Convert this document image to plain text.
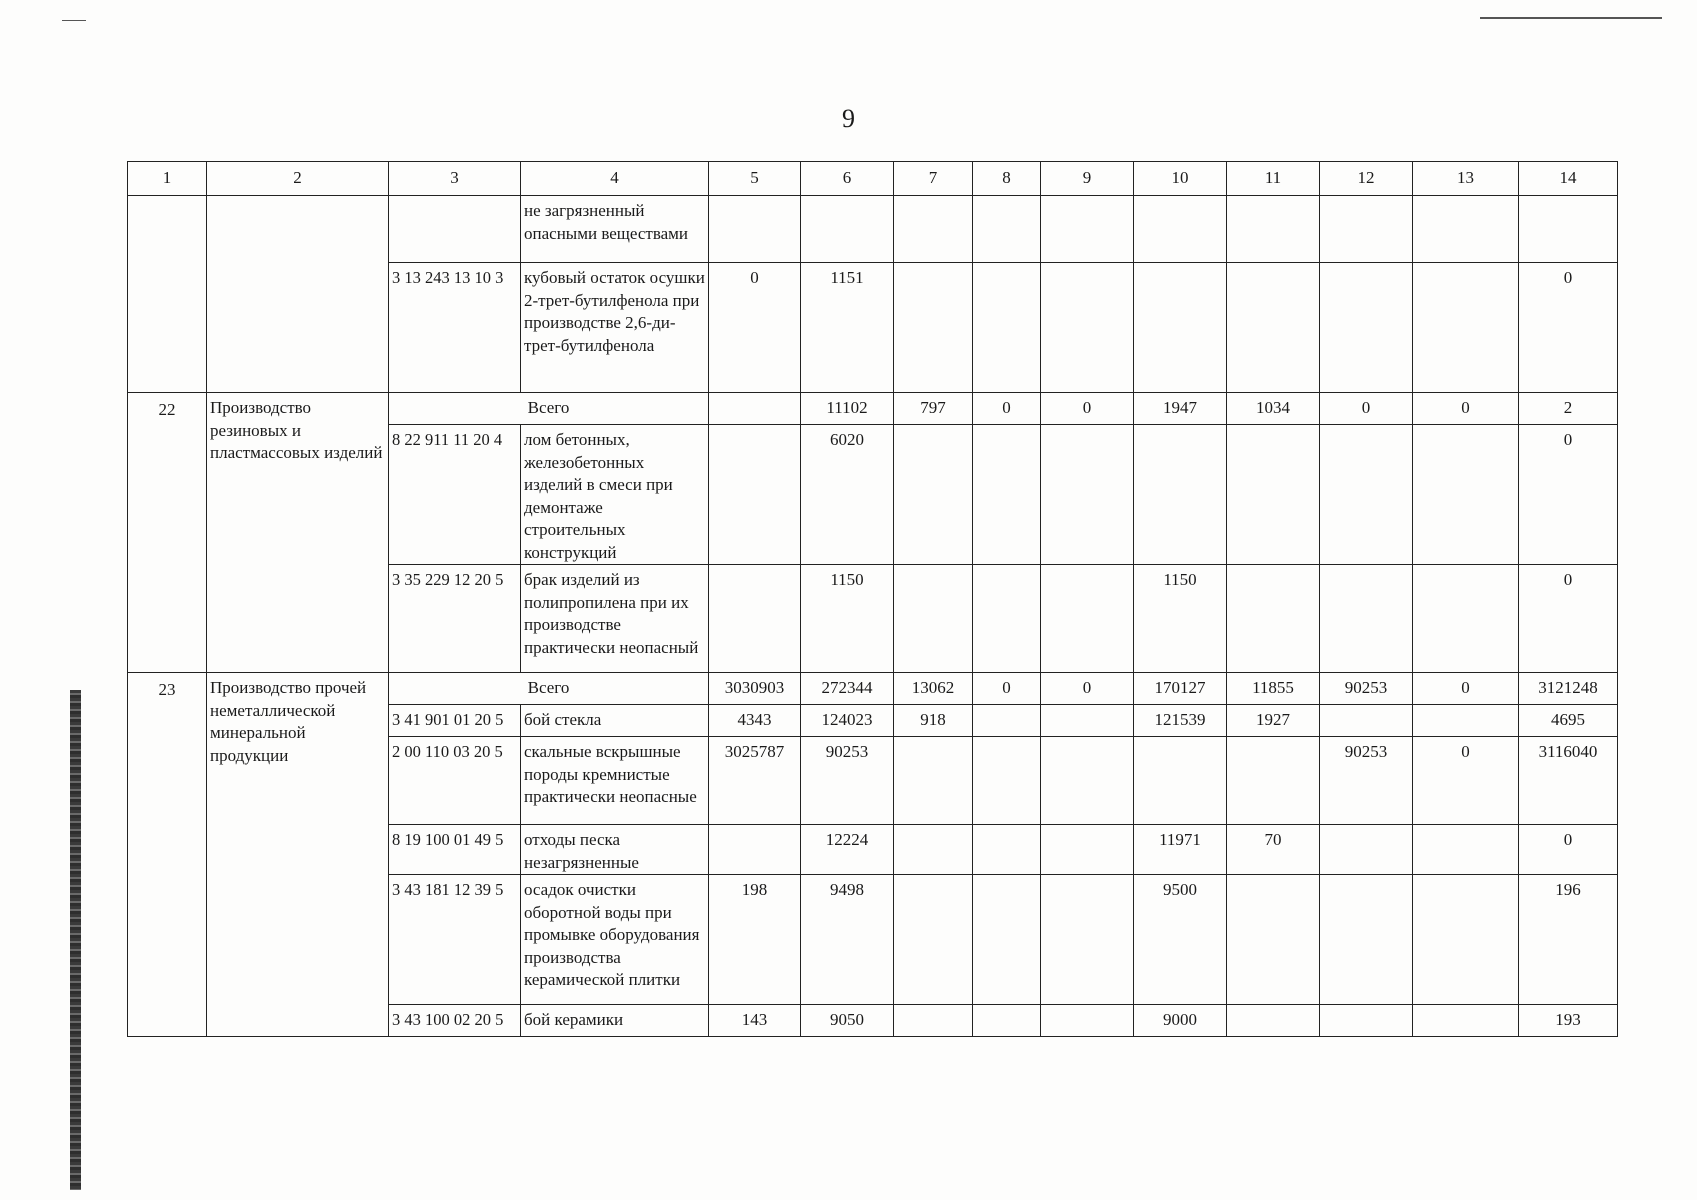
9
1	2	3	4	5	6	7	8	9	10	11	12	13	14
			не загрязненный опасными веществами										
		3 13 243 13 10 3	кубовый остаток осушки 2-трет-бутилфенола при производстве 2,6-ди-трет-бутилфенола	0	1151								0
22	Производство резиновых и пластмассовых изделий	Всего			11102	797	0	0	1947	1034	0	0	2
		8 22 911 11 20 4	лом бетонных, железобетонных изделий в смеси при демонтаже строительных конструкций		6020								0
		3 35 229 12 20 5	брак изделий из полипропилена при их производстве практически неопасный		1150				1150				0
23	Производство прочей неметаллической минеральной продукции	Всего		3030903	272344	13062	0	0	170127	11855	90253	0	3121248
		3 41 901 01 20 5	бой стекла	4343	124023	918			121539	1927			4695
		2 00 110 03 20 5	скальные вскрышные породы кремнистые практически неопасные	3025787	90253						90253	0	3116040
		8 19 100 01 49 5	отходы песка незагрязненные		12224				11971	70			0
		3 43 181 12 39 5	осадок очистки оборотной воды при промывке оборудования производства керамической плитки	198	9498				9500				196
		3 43 100 02 20 5	бой керамики	143	9050				9000				193
